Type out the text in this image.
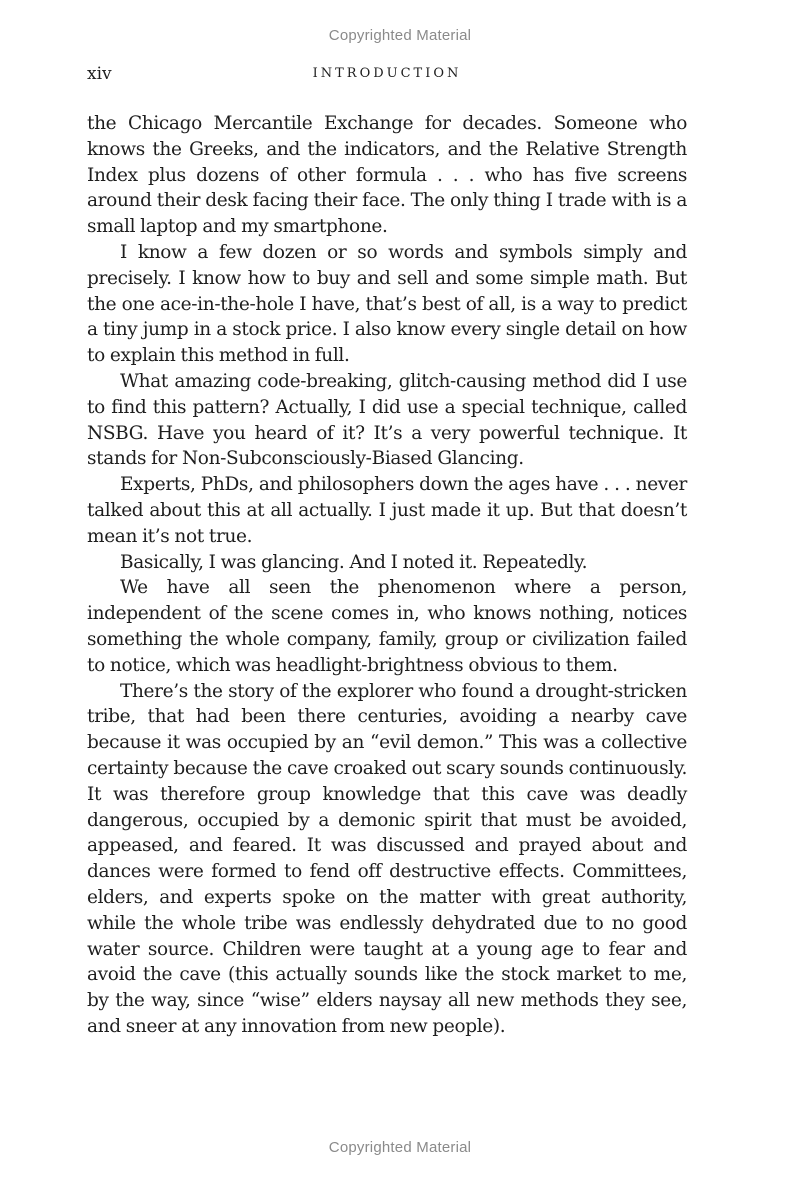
Copyrighted Material
xiv	INTRODUCTION

the Chicago Mercantile Exchange for decades. Someone who knows the Greeks, and the indicators, and the Relative Strength Index plus dozens of other formula . . . who has five screens around their desk facing their face. The only thing I trade with is a small laptop and my smartphone.

I know a few dozen or so words and symbols simply and precisely. I know how to buy and sell and some simple math. But the one ace-in-the-hole I have, that’s best of all, is a way to predict a tiny jump in a stock price. I also know every single detail on how to explain this method in full.

What amazing code-breaking, glitch-causing method did I use to find this pattern? Actually, I did use a special technique, called NSBG. Have you heard of it? It’s a very powerful technique. It stands for Non-Subconsciously-Biased Glancing.

Experts, PhDs, and philosophers down the ages have . . . never talked about this at all actually. I just made it up. But that doesn’t mean it’s not true.

Basically, I was glancing. And I noted it. Repeatedly.

We have all seen the phenomenon where a person, independent of the scene comes in, who knows nothing, notices something the whole company, family, group or civilization failed to notice, which was headlight-brightness obvious to them.

There’s the story of the explorer who found a drought-stricken tribe, that had been there centuries, avoiding a nearby cave because it was occupied by an “evil demon.” This was a collective certainty because the cave croaked out scary sounds continuously. It was therefore group knowledge that this cave was deadly dangerous, occupied by a demonic spirit that must be avoided, appeased, and feared. It was discussed and prayed about and dances were formed to fend off destructive effects. Committees, elders, and experts spoke on the matter with great authority, while the whole tribe was endlessly dehydrated due to no good water source. Children were taught at a young age to fear and avoid the cave (this actually sounds like the stock market to me, by the way, since “wise” elders naysay all new methods they see, and sneer at any innovation from new people).

Copyrighted Material
